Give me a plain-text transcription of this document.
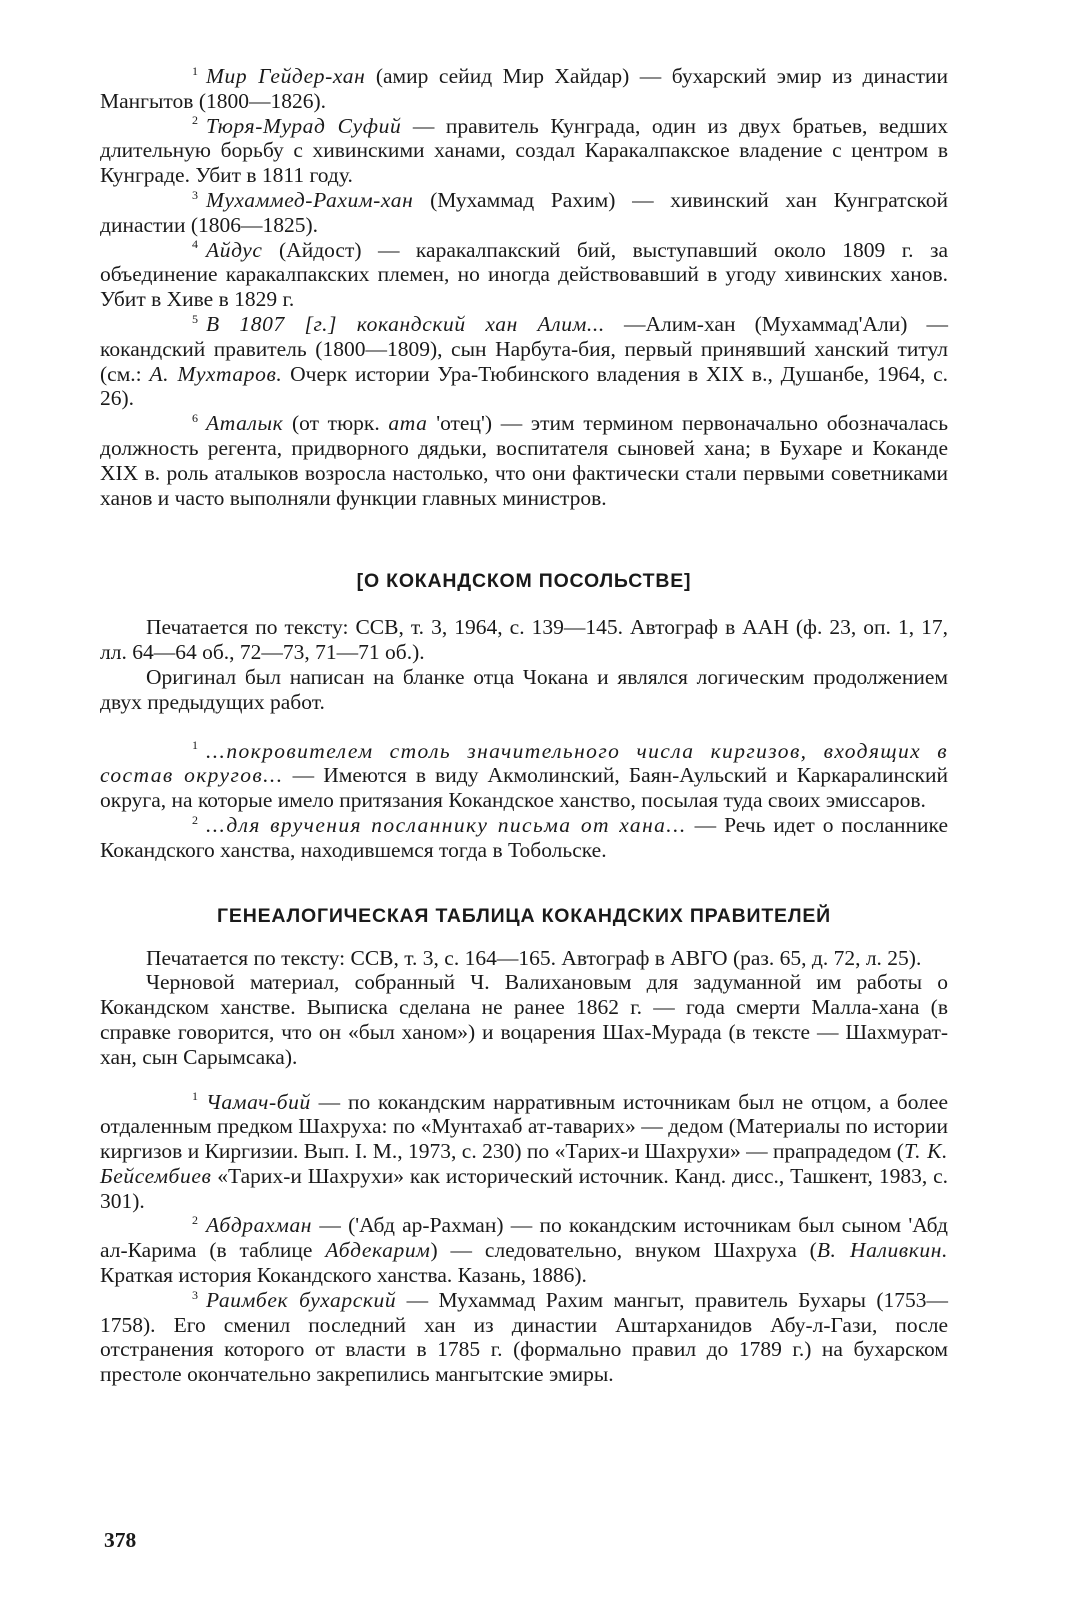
1 Мир Гейдер-хан (амир сейид Мир Хайдар) — бухарский эмир из династии Мангытов (1800—1826).

2 Тюря-Мурад Суфий — правитель Кунграда, один из двух братьев, ведших длительную борьбу с хивинскими ханами, создал Каракалпакское владение с центром в Кунграде. Убит в 1811 году.

3 Мухаммед-Рахим-хан (Мухаммад Рахим) — хивинский хан Кунгратской династии (1806—1825).

4 Айдус (Айдост) — каракалпакский бий, выступавший около 1809 г. за объединение каракалпакских племен, но иногда действовавший в угоду хивинских ханов. Убит в Хиве в 1829 г.

5 В 1807 [г.] кокандский хан Алим... —Алим-хан (Мухаммад'Али) — кокандский правитель (1800—1809), сын Нарбута-бия, первый принявший ханский титул (см.: А. Мухтаров. Очерк истории Ура-Тюбинского владения в XIX в., Душанбе, 1964, с. 26).

6 Аталык (от тюрк. ата 'отец') — этим термином первоначально обозначалась должность регента, придворного дядьки, воспитателя сыновей хана; в Бухаре и Коканде XIX в. роль аталыков возросла настолько, что они фактически стали первыми советниками ханов и часто выполняли функции главных министров.

[О КОКАНДСКОМ ПОСОЛЬСТВЕ]

Печатается по тексту: ССВ, т. 3, 1964, с. 139—145. Автограф в ААН (ф. 23, оп. 1, 17, лл. 64—64 об., 72—73, 71—71 об.).

Оригинал был написан на бланке отца Чокана и являлся логическим продолжением двух предыдущих работ.

1 ...покровителем столь значительного числа киргизов, входящих в состав округов... — Имеются в виду Акмолинский, Баян-Аульский и Каркаралинский округа, на которые имело притязания Кокандское ханство, посылая туда своих эмиссаров.

2 ...для вручения посланнику письма от хана... — Речь идет о посланнике Кокандского ханства, находившемся тогда в Тобольске.

ГЕНЕАЛОГИЧЕСКАЯ ТАБЛИЦА КОКАНДСКИХ ПРАВИТЕЛЕЙ

Печатается по тексту: ССВ, т. 3, с. 164—165. Автограф в АВГО (раз. 65, д. 72, л. 25).

Черновой материал, собранный Ч. Валихановым для задуманной им работы о Кокандском ханстве. Выписка сделана не ранее 1862 г. — года смерти Малла-хана (в справке говорится, что он «был ханом») и воцарения Шах-Мурада (в тексте — Шахмурат-хан, сын Сарымсака).

1 Чамач-бий — по кокандским нарративным источникам был не отцом, а более отдаленным предком Шахруха: по «Мунтахаб ат-таварих» — дедом (Материалы по истории киргизов и Киргизии. Вып. I. М., 1973, с. 230) по «Тарих-и Шахрухи» — прапрадедом (Т. К. Бейсембиев «Тарих-и Шахрухи» как исторический источник. Канд. дисс., Ташкент, 1983, с. 301).

2 Абдрахман — ('Абд ар-Рахман) — по кокандским источникам был сыном 'Абд ал-Карима (в таблице Абдекарим) — следовательно, внуком Шахруха (В. Наливкин. Краткая история Кокандского ханства. Казань, 1886).

3 Раимбек бухарский — Мухаммад Рахим мангыт, правитель Бухары (1753—1758). Его сменил последний хан из династии Аштарханидов Абу-л-Гази, после отстранения которого от власти в 1785 г. (формально правил до 1789 г.) на бухарском престоле окончательно закрепились мангытские эмиры.

378
